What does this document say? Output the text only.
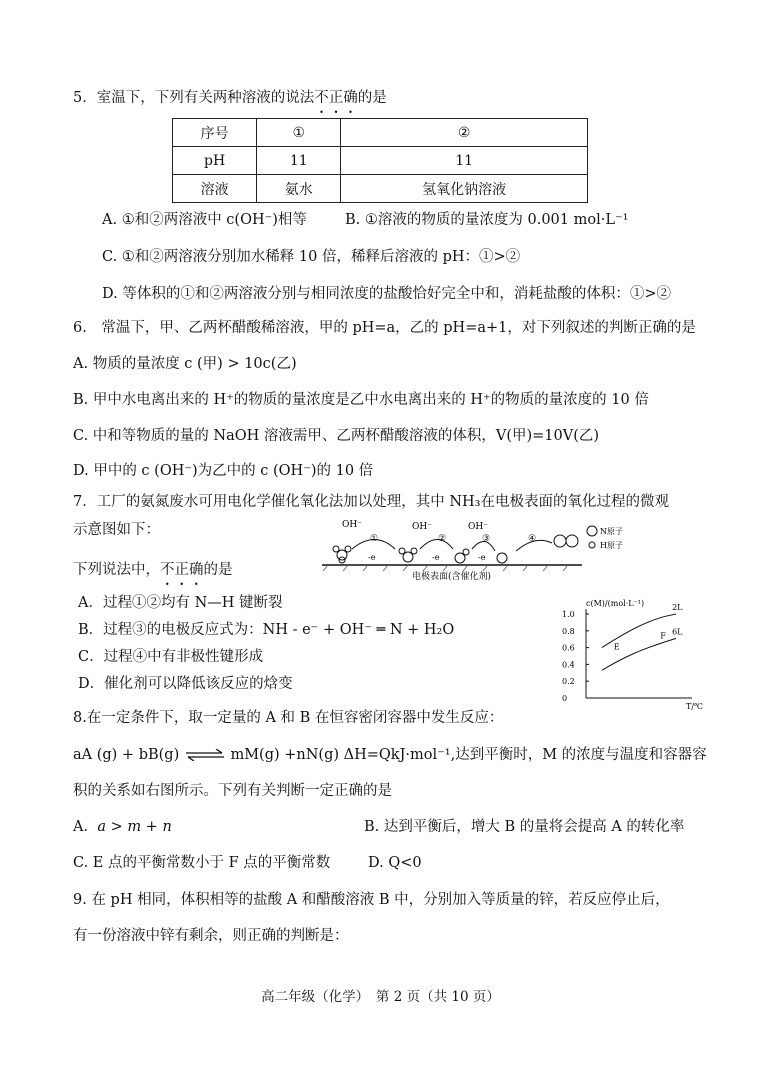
5．室温下，下列有关两种溶液的说法不正确的是
序号	①	②
pH	11	11
溶液	氨水	氢氧化钠溶液
A. ①和②两溶液中 c(OH⁻)相等	B. ①溶液的物质的量浓度为 0.001 mol·L⁻¹
C. ①和②两溶液分别加水稀释 10 倍，稀释后溶液的 pH：①>②
D. 等体积的①和②两溶液分别与相同浓度的盐酸恰好完全中和，消耗盐酸的体积：①>②
6.　常温下，甲、乙两杯醋酸稀溶液，甲的 pH=a，乙的 pH=a+1，对下列叙述的判断正确的是
A. 物质的量浓度 c (甲) > 10c(乙)
B. 甲中水电离出来的 H⁺的物质的量浓度是乙中水电离出来的 H⁺的物质的量浓度的 10 倍
C. 中和等物质的量的 NaOH 溶液需甲、乙两杯醋酸溶液的体积，V(甲)=10V(乙)
D. 甲中的 c (OH⁻)为乙中的 c (OH⁻)的 10 倍
7．工厂的氨氮废水可用电化学催化氧化法加以处理，其中 NH₃在电极表面的氧化过程的微观
示意图如下：	OH⁻	OH⁻	OH⁻
①	②	③	④
-e	-e	-e
N原子
H原子
电极表面(含催化剂)
下列说法中，不正确的是
A．过程①②均有 N—H 键断裂
B．过程③的电极反应式为：NH - e⁻ + OH⁻ ═ N + H₂O
C．过程④中有非极性键形成
D．催化剂可以降低该反应的焓变
c(M)/(mol·L⁻¹)
T/℃
1.0
0.8
0.6
0.4
0.2
0
2L
6L
E
F
8.在一定条件下，取一定量的 A 和 B 在恒容密闭容器中发生反应：
aA (g) + bB(g) ⇌ mM(g) +nN(g) ΔH=QkJ·mol⁻¹,达到平衡时，M 的浓度与温度和容器容
积的关系如右图所示。下列有关判断一定正确的是
A. a > m + n	B. 达到平衡后，增大 B 的量将会提高 A 的转化率
C. E 点的平衡常数小于 F 点的平衡常数	D. Q<0
9. 在 pH 相同，体积相等的盐酸 A 和醋酸溶液 B 中，分别加入等质量的锌，若反应停止后，
有一份溶液中锌有剩余，则正确的判断是：
高二年级（化学）　第 2 页（共 10 页）
